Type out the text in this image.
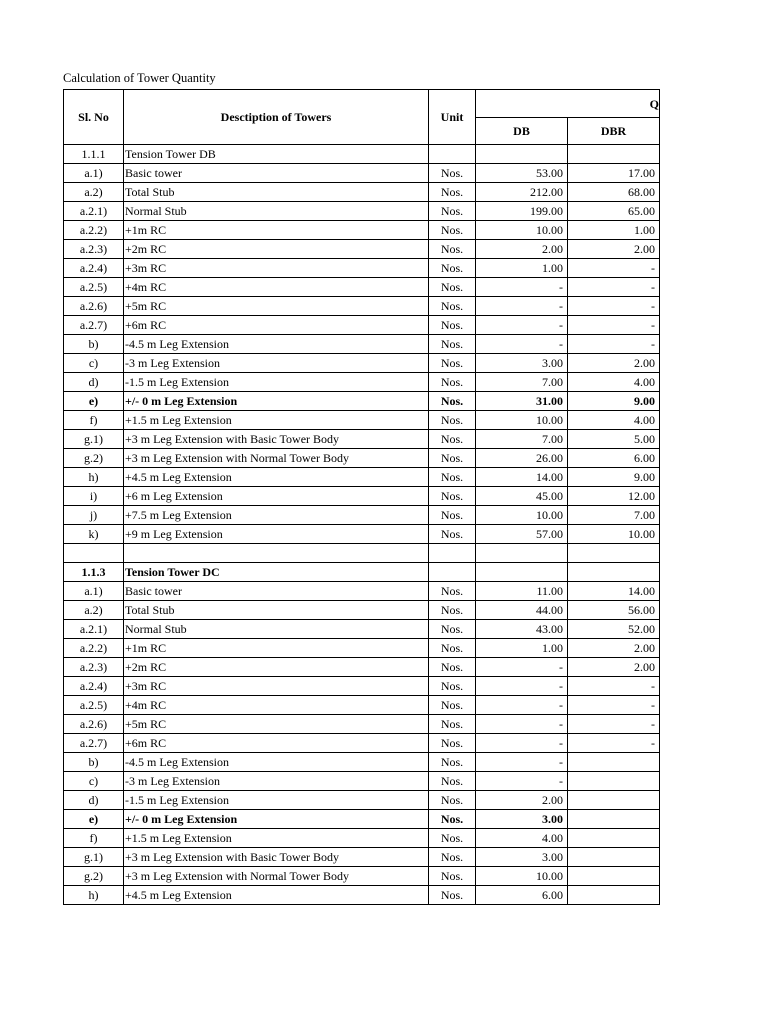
Calculation of Tower Quantity
Sl. No	Desctiption of Towers	Unit	Q	
			DB	DBR
1.1.1	Tension Tower DB			
a.1)	Basic tower	Nos.	53.00	17.00
a.2)	Total Stub	Nos.	212.00	68.00
a.2.1)	Normal Stub	Nos.	199.00	65.00
a.2.2)	+1m RC	Nos.	10.00	1.00
a.2.3)	+2m RC	Nos.	2.00	2.00
a.2.4)	+3m RC	Nos.	1.00	-
a.2.5)	+4m RC	Nos.	-	-
a.2.6)	+5m RC	Nos.	-	-
a.2.7)	+6m RC	Nos.	-	-
b)	-4.5 m Leg Extension	Nos.	-	-
c)	-3 m Leg Extension	Nos.	3.00	2.00
d)	-1.5 m Leg Extension	Nos.	7.00	4.00
e)	+/- 0 m Leg Extension	Nos.	31.00	9.00
f)	+1.5 m Leg Extension	Nos.	10.00	4.00
g.1)	+3 m Leg Extension with Basic Tower Body	Nos.	7.00	5.00
g.2)	+3 m Leg Extension with Normal Tower Body	Nos.	26.00	6.00
h)	+4.5 m Leg Extension	Nos.	14.00	9.00
i)	+6 m Leg Extension	Nos.	45.00	12.00
j)	+7.5 m Leg Extension	Nos.	10.00	7.00
k)	+9 m Leg Extension	Nos.	57.00	10.00

1.1.3	Tension Tower DC			
a.1)	Basic tower	Nos.	11.00	14.00
a.2)	Total Stub	Nos.	44.00	56.00
a.2.1)	Normal Stub	Nos.	43.00	52.00
a.2.2)	+1m RC	Nos.	1.00	2.00
a.2.3)	+2m RC	Nos.	-	2.00
a.2.4)	+3m RC	Nos.	-	-
a.2.5)	+4m RC	Nos.	-	-
a.2.6)	+5m RC	Nos.	-	-
a.2.7)	+6m RC	Nos.	-	-
b)	-4.5 m Leg Extension	Nos.	-	
c)	-3 m Leg Extension	Nos.	-	
d)	-1.5 m Leg Extension	Nos.	2.00	
e)	+/- 0 m Leg Extension	Nos.	3.00	
f)	+1.5 m Leg Extension	Nos.	4.00	
g.1)	+3 m Leg Extension with Basic Tower Body	Nos.	3.00	
g.2)	+3 m Leg Extension with Normal Tower Body	Nos.	10.00	
h)	+4.5 m Leg Extension	Nos.	6.00	
